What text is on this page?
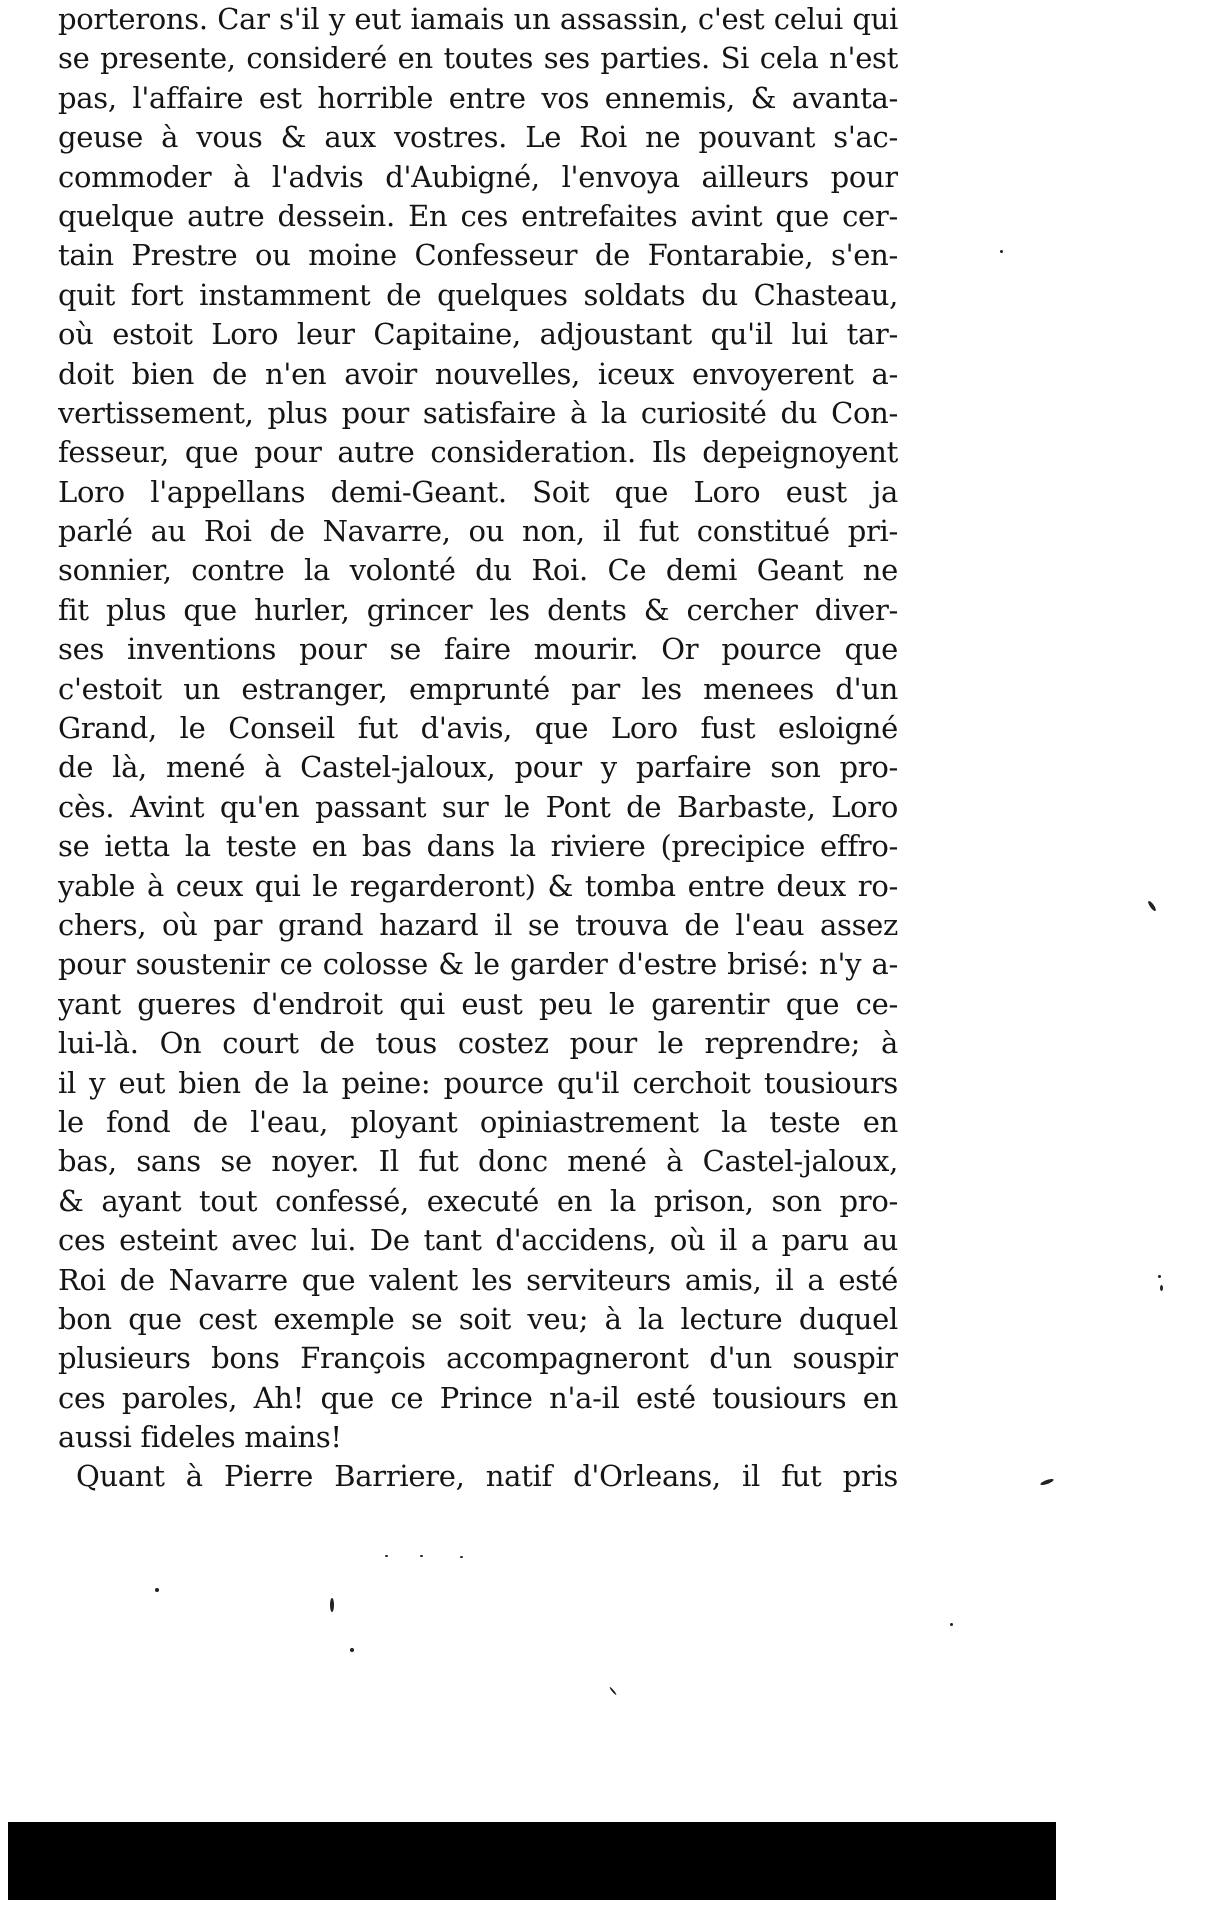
porterons. Car s'il y eut iamais un assassin, c'est celui qui
se presente, consideré en toutes ses parties. Si cela n'est
pas, l'affaire est horrible entre vos ennemis, & avanta-
geuse à vous & aux vostres. Le Roi ne pouvant s'ac-
commoder à l'advis d'Aubigné, l'envoya ailleurs pour
quelque autre dessein. En ces entrefaites avint que cer-
tain Prestre ou moine Confesseur de Fontarabie, s'en-
quit fort instamment de quelques soldats du Chasteau,
où estoit Loro leur Capitaine, adjoustant qu'il lui tar-
doit bien de n'en avoir nouvelles, iceux envoyerent a-
vertissement, plus pour satisfaire à la curiosité du Con-
fesseur, que pour autre consideration. Ils depeignoyent
Loro l'appellans demi-Geant. Soit que Loro eust ja
parlé au Roi de Navarre, ou non, il fut constitué pri-
sonnier, contre la volonté du Roi. Ce demi Geant ne
fit plus que hurler, grincer les dents & cercher diver-
ses inventions pour se faire mourir. Or pource que
c'estoit un estranger, emprunté par les menees d'un
Grand, le Conseil fut d'avis, que Loro fust esloigné
de là, mené à Castel-jaloux, pour y parfaire son pro-
cès. Avint qu'en passant sur le Pont de Barbaste, Loro
se ietta la teste en bas dans la riviere (precipice effro-
yable à ceux qui le regarderont) & tomba entre deux ro-
chers, où par grand hazard il se trouva de l'eau assez
pour soustenir ce colosse & le garder d'estre brisé: n'y a-
yant gueres d'endroit qui eust peu le garentir que ce-
lui-là. On court de tous costez pour le reprendre; à
il y eut bien de la peine: pource qu'il cerchoit tousiours
le fond de l'eau, ployant opiniastrement la teste en
bas, sans se noyer. Il fut donc mené à Castel-jaloux,
& ayant tout confessé, executé en la prison, son pro-
ces esteint avec lui. De tant d'accidens, où il a paru au
Roi de Navarre que valent les serviteurs amis, il a esté
bon que cest exemple se soit veu; à la lecture duquel
plusieurs bons François accompagneront d'un souspir
ces paroles, Ah! que ce Prince n'a-il esté tousiours en
aussi fideles mains!
Quant à Pierre Barriere, natif d'Orleans, il fut pris
